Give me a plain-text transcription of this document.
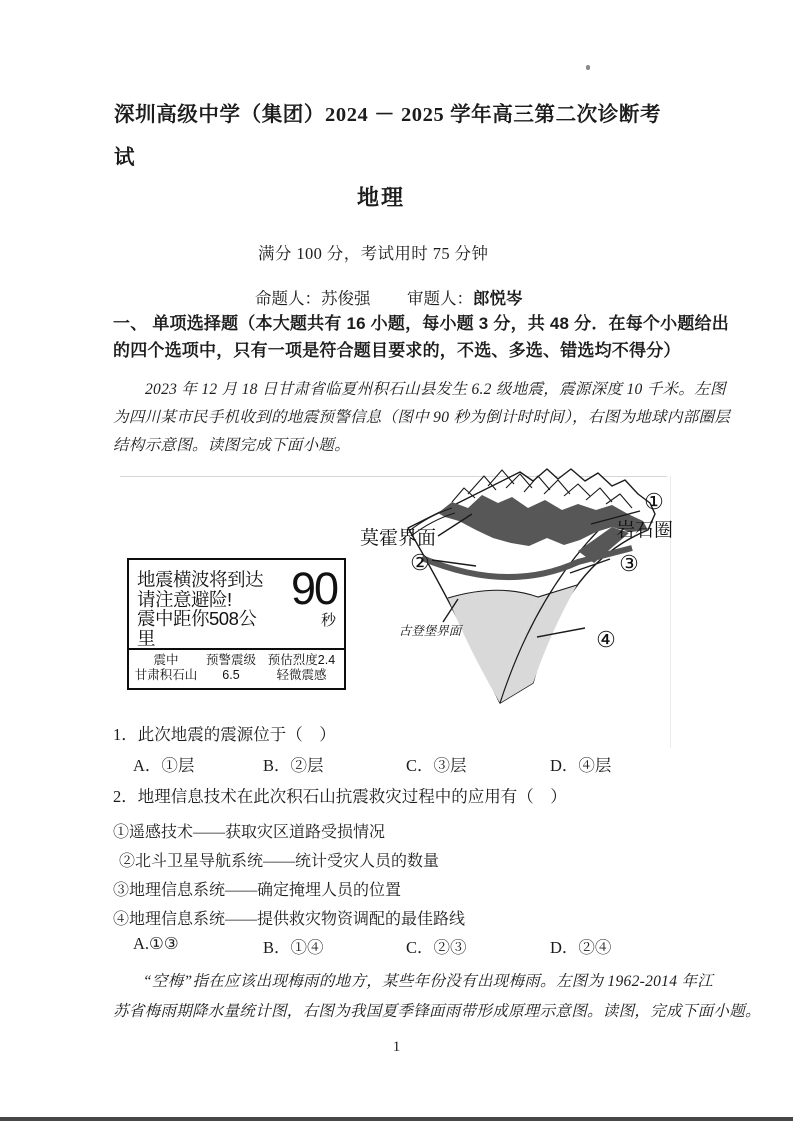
深圳高级中学（集团）2024 － 2025 学年高三第二次诊断考
试
地理
满分 100 分，考试用时 75 分钟
命题人：苏俊强 审题人：郎悦岑
一、 单项选择题（本大题共有 16 小题，每小题 3 分，共 48 分．在每个小题给出
的四个选项中，只有一项是符合题目要求的，不选、多选、错选均不得分）
2023 年 12 月 18 日甘肃省临夏州积石山县发生 6.2 级地震，震源深度 10 千米。左图
为四川某市民手机收到的地震预警信息（图中 90 秒为倒计时时间），右图为地球内部圈层
结构示意图。读图完成下面小题。
地震横波将到达
请注意避险!
震中距你508公里
90
秒
震中
甘肃积石山
预警震级
6.5
预估烈度2.4
轻微震感
莫霍界面	岩石圈
古登堡界面
①
②	③
④
1．此次地震的震源位于（　）
A．①层	B．②层	C．③层	D．④层
2．地理信息技术在此次积石山抗震救灾过程中的应用有（　）
①遥感技术——获取灾区道路受损情况
②北斗卫星导航系统——统计受灾人员的数量
③地理信息系统——确定掩埋人员的位置
④地理信息系统——提供救灾物资调配的最佳路线
A.①③	B．①④	C．②③	D．②④
“空梅”指在应该出现梅雨的地方，某些年份没有出现梅雨。左图为 1962-2014 年江
苏省梅雨期降水量统计图，右图为我国夏季锋面雨带形成原理示意图。读图，完成下面小题。
1
